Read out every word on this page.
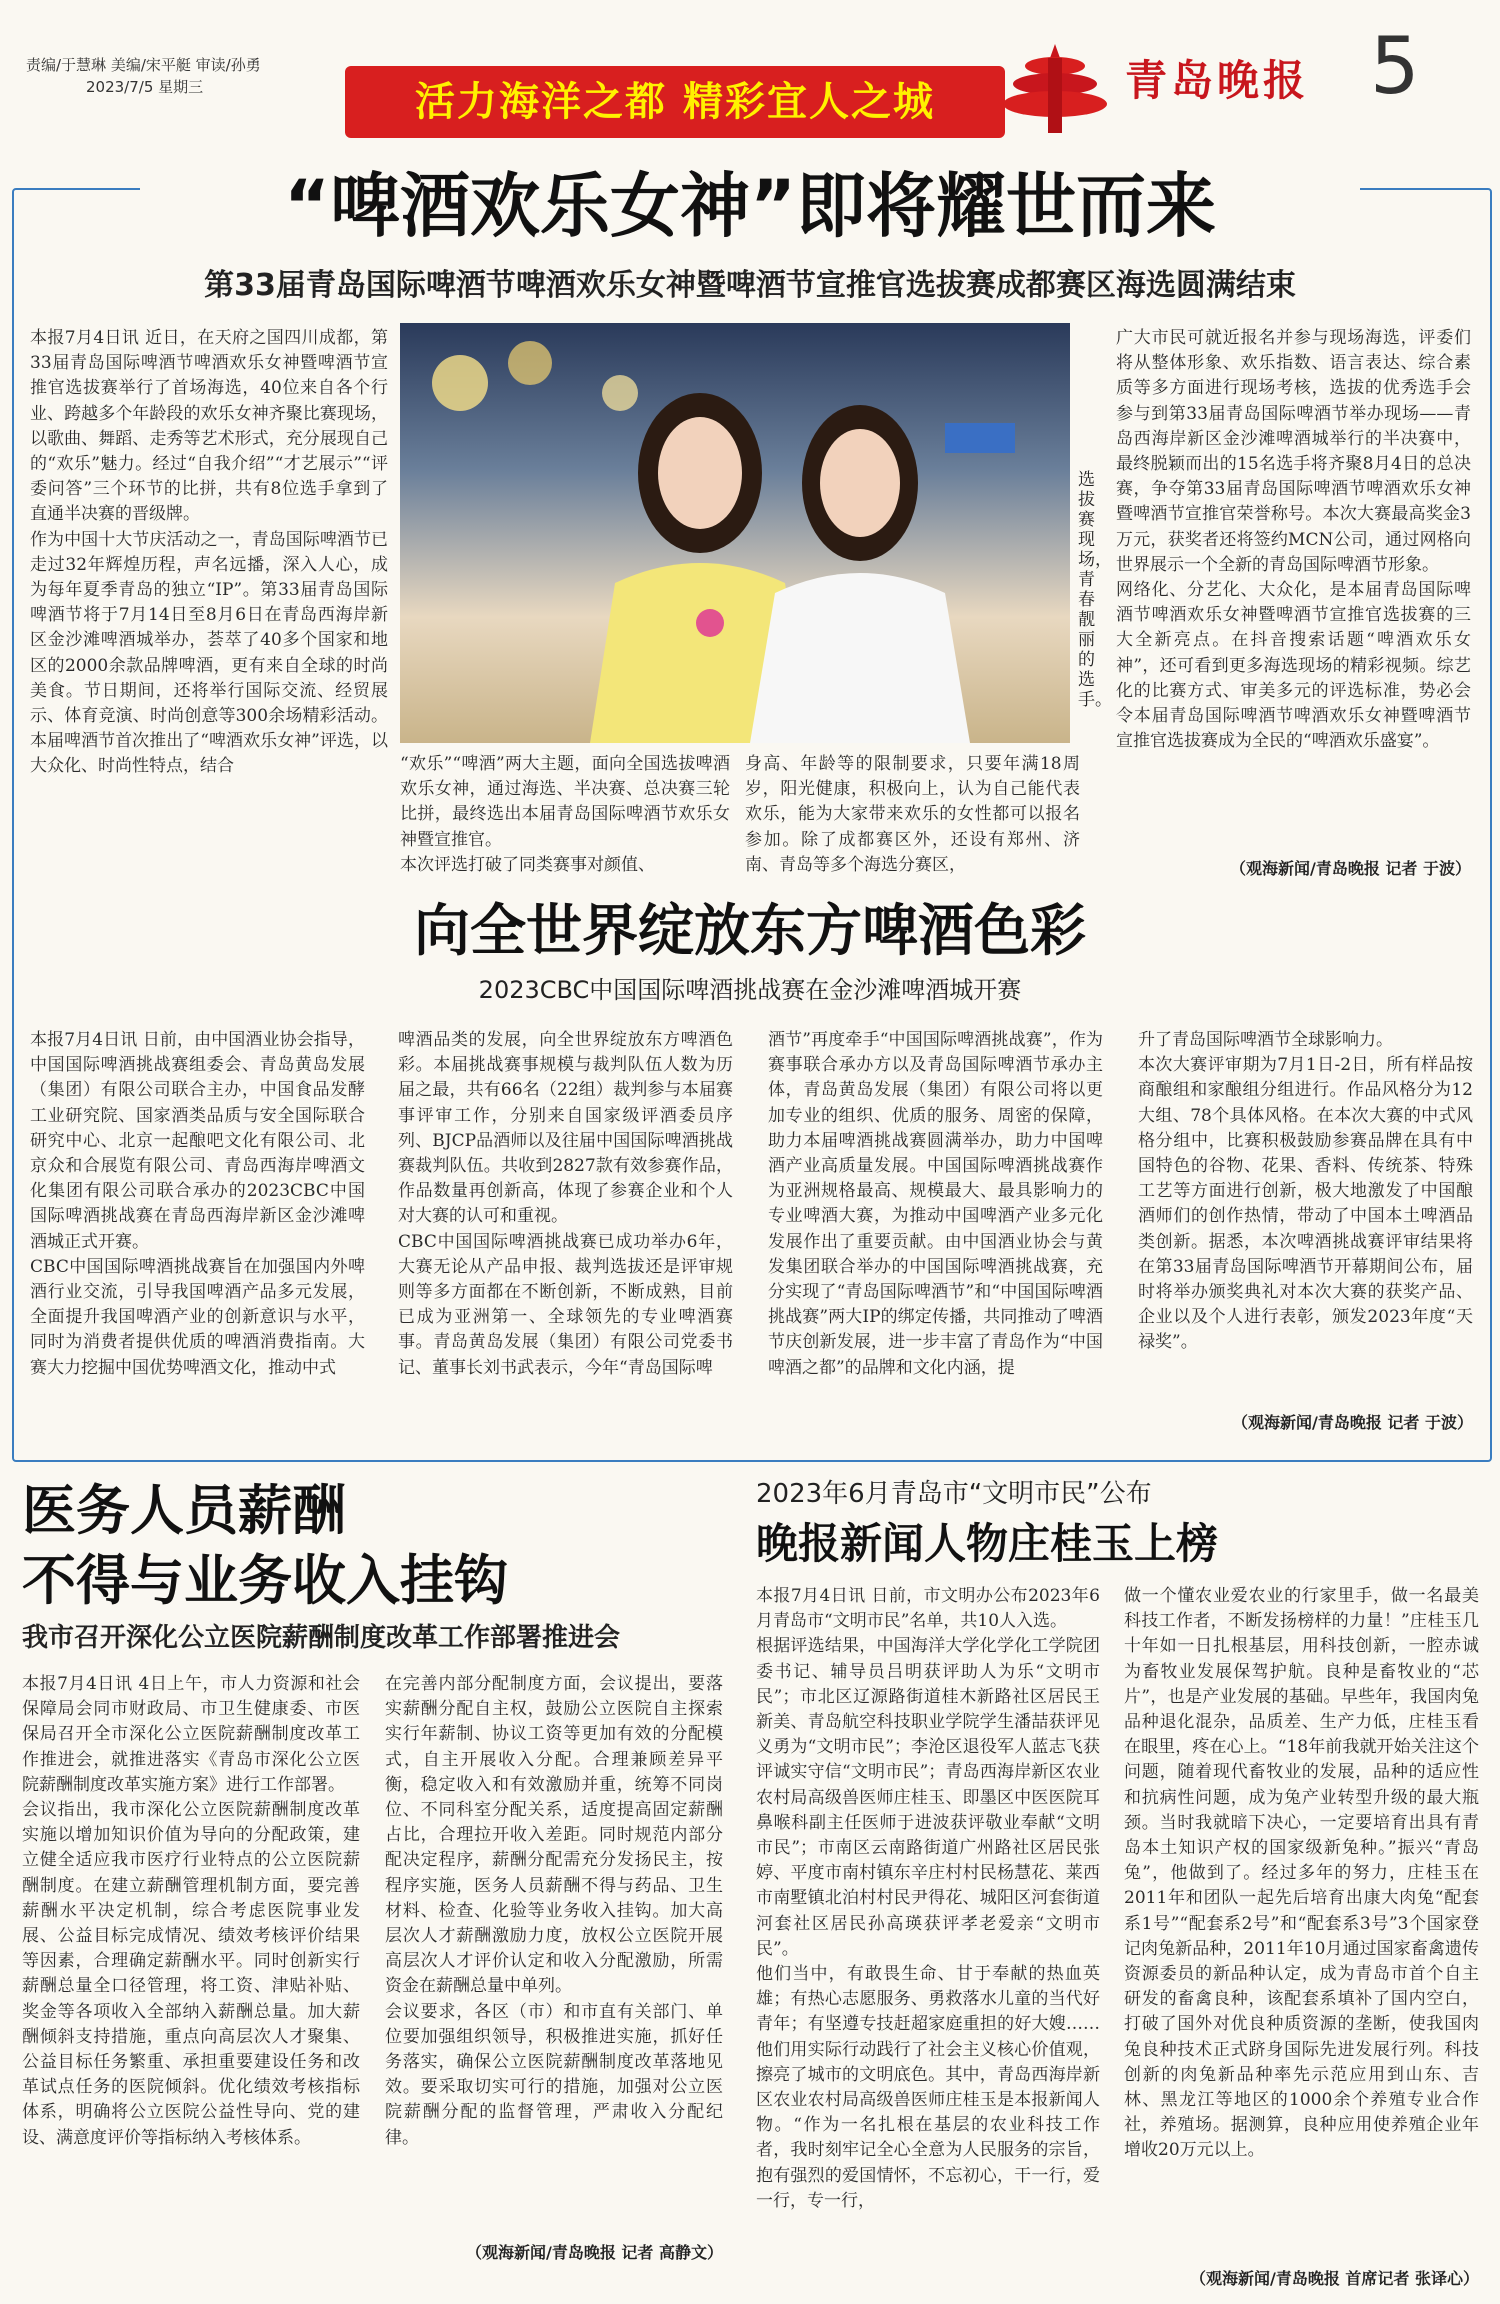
责编/于慧琳 美编/宋平艇 审读/孙勇
2023/7/5 星期三	活力海洋之都 精彩宜人之城	青岛晚报 5
“啤酒欢乐女神”即将耀世而来
第33届青岛国际啤酒节啤酒欢乐女神暨啤酒节宣推官选拔赛成都赛区海选圆满结束
本报7月4日讯 近日，在天府之国四川成都，第33届青岛国际啤酒节啤酒欢乐女神暨啤酒节宣推官选拔赛举行了首场海选，40位来自各个行业、跨越多个年龄段的欢乐女神齐聚比赛现场，以歌曲、舞蹈、走秀等艺术形式，充分展现自己的“欢乐”魅力。经过“自我介绍”“才艺展示”“评委问答”三个环节的比拼，共有8位选手拿到了直通半决赛的晋级牌。
作为中国十大节庆活动之一，青岛国际啤酒节已走过32年辉煌历程，声名远播，深入人心，成为每年夏季青岛的独立“IP”。第33届青岛国际啤酒节将于7月14日至8月6日在青岛西海岸新区金沙滩啤酒城举办，荟萃了40多个国家和地区的2000余款品牌啤酒，更有来自全球的时尚美食。节日期间，还将举行国际交流、经贸展示、体育竞演、时尚创意等300余场精彩活动。本届啤酒节首次推出了“啤酒欢乐女神”评选，以大众化、时尚性特点，结合
选拔赛现场，青春靓丽的选手。
“欢乐”“啤酒”两大主题，面向全国选拔啤酒欢乐女神，通过海选、半决赛、总决赛三轮比拼，最终选出本届青岛国际啤酒节欢乐女神暨宣推官。
本次评选打破了同类赛事对颜值、
身高、年龄等的限制要求，只要年满18周岁，阳光健康，积极向上，认为自己能代表欢乐，能为大家带来欢乐的女性都可以报名参加。除了成都赛区外，还设有郑州、济南、青岛等多个海选分赛区，
广大市民可就近报名并参与现场海选，评委们将从整体形象、欢乐指数、语言表达、综合素质等多方面进行现场考核，选拔的优秀选手会参与到第33届青岛国际啤酒节举办现场——青岛西海岸新区金沙滩啤酒城举行的半决赛中，最终脱颖而出的15名选手将齐聚8月4日的总决赛，争夺第33届青岛国际啤酒节啤酒欢乐女神暨啤酒节宣推官荣誉称号。本次大赛最高奖金3万元，获奖者还将签约MCN公司，通过网格向世界展示一个全新的青岛国际啤酒节形象。
网络化、分艺化、大众化，是本届青岛国际啤酒节啤酒欢乐女神暨啤酒节宣推官选拔赛的三大全新亮点。在抖音搜索话题“啤酒欢乐女神”，还可看到更多海选现场的精彩视频。综艺化的比赛方式、审美多元的评选标准，势必会令本届青岛国际啤酒节啤酒欢乐女神暨啤酒节宣推官选拔赛成为全民的“啤酒欢乐盛宴”。
（观海新闻/青岛晚报 记者 于波）
向全世界绽放东方啤酒色彩
2023CBC中国国际啤酒挑战赛在金沙滩啤酒城开赛
本报7月4日讯 日前，由中国酒业协会指导，中国国际啤酒挑战赛组委会、青岛黄岛发展（集团）有限公司联合主办，中国食品发酵工业研究院、国家酒类品质与安全国际联合研究中心、北京一起酿吧文化有限公司、北京众和合展览有限公司、青岛西海岸啤酒文化集团有限公司联合承办的2023CBC中国国际啤酒挑战赛在青岛西海岸新区金沙滩啤酒城正式开赛。
CBC中国国际啤酒挑战赛旨在加强国内外啤酒行业交流，引导我国啤酒产品多元发展，全面提升我国啤酒产业的创新意识与水平，同时为消费者提供优质的啤酒消费指南。大赛大力挖掘中国优势啤酒文化，推动中式
啤酒品类的发展，向全世界绽放东方啤酒色彩。本届挑战赛事规模与裁判队伍人数为历届之最，共有66名（22组）裁判参与本届赛事评审工作，分别来自国家级评酒委员序列、BJCP品酒师以及往届中国国际啤酒挑战赛裁判队伍。共收到2827款有效参赛作品，作品数量再创新高，体现了参赛企业和个人对大赛的认可和重视。
CBC中国国际啤酒挑战赛已成功举办6年，大赛无论从产品申报、裁判选拔还是评审规则等多方面都在不断创新，不断成熟，目前已成为亚洲第一、全球领先的专业啤酒赛事。青岛黄岛发展（集团）有限公司党委书记、董事长刘书武表示，今年“青岛国际啤
酒节”再度牵手“中国国际啤酒挑战赛”，作为赛事联合承办方以及青岛国际啤酒节承办主体，青岛黄岛发展（集团）有限公司将以更加专业的组织、优质的服务、周密的保障，助力本届啤酒挑战赛圆满举办，助力中国啤酒产业高质量发展。中国国际啤酒挑战赛作为亚洲规格最高、规模最大、最具影响力的专业啤酒大赛，为推动中国啤酒产业多元化发展作出了重要贡献。由中国酒业协会与黄发集团联合举办的中国国际啤酒挑战赛，充分实现了“青岛国际啤酒节”和“中国国际啤酒挑战赛”两大IP的绑定传播，共同推动了啤酒节庆创新发展，进一步丰富了青岛作为“中国啤酒之都”的品牌和文化内涵，提
升了青岛国际啤酒节全球影响力。
本次大赛评审期为7月1日-2日，所有样品按商酿组和家酿组分组进行。作品风格分为12大组、78个具体风格。在本次大赛的中式风格分组中，比赛积极鼓励参赛品牌在具有中国特色的谷物、花果、香料、传统茶、特殊工艺等方面进行创新，极大地激发了中国酿酒师们的创作热情，带动了中国本土啤酒品类创新。据悉，本次啤酒挑战赛评审结果将在第33届青岛国际啤酒节开幕期间公布，届时将举办颁奖典礼对本次大赛的获奖产品、企业以及个人进行表彰，颁发2023年度“天禄奖”。
（观海新闻/青岛晚报 记者 于波）
医务人员薪酬
不得与业务收入挂钩
我市召开深化公立医院薪酬制度改革工作部署推进会
本报7月4日讯 4日上午，市人力资源和社会保障局会同市财政局、市卫生健康委、市医保局召开全市深化公立医院薪酬制度改革工作推进会，就推进落实《青岛市深化公立医院薪酬制度改革实施方案》进行工作部署。
会议指出，我市深化公立医院薪酬制度改革实施以增加知识价值为导向的分配政策，建立健全适应我市医疗行业特点的公立医院薪酬制度。在建立薪酬管理机制方面，要完善薪酬水平决定机制，综合考虑医院事业发展、公益目标完成情况、绩效考核评价结果等因素，合理确定薪酬水平。同时创新实行薪酬总量全口径管理，将工资、津贴补贴、奖金等各项收入全部纳入薪酬总量。加大薪酬倾斜支持措施，重点向高层次人才聚集、公益目标任务繁重、承担重要建设任务和改革试点任务的医院倾斜。优化绩效考核指标体系，明确将公立医院公益性导向、党的建设、满意度评价等指标纳入考核体系。
在完善内部分配制度方面，会议提出，要落实薪酬分配自主权，鼓励公立医院自主探索实行年薪制、协议工资等更加有效的分配模式，自主开展收入分配。合理兼顾差异平衡，稳定收入和有效激励并重，统筹不同岗位、不同科室分配关系，适度提高固定薪酬占比，合理拉开收入差距。同时规范内部分配决定程序，薪酬分配需充分发扬民主，按程序实施，医务人员薪酬不得与药品、卫生材料、检查、化验等业务收入挂钩。加大高层次人才薪酬激励力度，放权公立医院开展高层次人才评价认定和收入分配激励，所需资金在薪酬总量中单列。
会议要求，各区（市）和市直有关部门、单位要加强组织领导，积极推进实施，抓好任务落实，确保公立医院薪酬制度改革落地见效。要采取切实可行的措施，加强对公立医院薪酬分配的监督管理，严肃收入分配纪律。
（观海新闻/青岛晚报 记者 高静文）
2023年6月青岛市“文明市民”公布
晚报新闻人物庄桂玉上榜
本报7月4日讯 日前，市文明办公布2023年6月青岛市“文明市民”名单，共10人入选。
根据评选结果，中国海洋大学化学化工学院团委书记、辅导员吕明获评助人为乐“文明市民”；市北区辽源路街道桂木新路社区居民王新美、青岛航空科技职业学院学生潘喆获评见义勇为“文明市民”；李沧区退役军人蓝志飞获评诚实守信“文明市民”；青岛西海岸新区农业农村局高级兽医师庄桂玉、即墨区中医医院耳鼻喉科副主任医师于进波获评敬业奉献“文明市民”；市南区云南路街道广州路社区居民张婷、平度市南村镇东辛庄村村民杨慧花、莱西市南墅镇北泊村村民尹得花、城阳区河套街道河套社区居民孙高瑛获评孝老爱亲“文明市民”。
他们当中，有敢畏生命、甘于奉献的热血英雄；有热心志愿服务、勇救落水儿童的当代好青年；有坚遵专技赶超家庭重担的好大嫂……他们用实际行动践行了社会主义核心价值观，擦亮了城市的文明底色。其中，青岛西海岸新区农业农村局高级兽医师庄桂玉是本报新闻人物。“作为一名扎根在基层的农业科技工作者，我时刻牢记全心全意为人民服务的宗旨，抱有强烈的爱国情怀，不忘初心，干一行，爱一行，专一行，
做一个懂农业爱农业的行家里手，做一名最美科技工作者，不断发扬榜样的力量！”庄桂玉几十年如一日扎根基层，用科技创新，一腔赤诚为畜牧业发展保驾护航。良种是畜牧业的“芯片”，也是产业发展的基础。早些年，我国肉兔品种退化混杂，品质差、生产力低，庄桂玉看在眼里，疼在心上。“18年前我就开始关注这个问题，随着现代畜牧业的发展，品种的适应性和抗病性问题，成为兔产业转型升级的最大瓶颈。当时我就暗下决心，一定要培育出具有青岛本土知识产权的国家级新兔种。”振兴“青岛兔”，他做到了。经过多年的努力，庄桂玉在2011年和团队一起先后培育出康大肉兔“配套系1号”“配套系2号”和“配套系3号”3个国家登记肉兔新品种，2011年10月通过国家畜禽遗传资源委员的新品种认定，成为青岛市首个自主研发的畜禽良种，该配套系填补了国内空白，打破了国外对优良种质资源的垄断，使我国肉兔良种技术正式跻身国际先进发展行列。科技创新的肉兔新品种率先示范应用到山东、吉林、黑龙江等地区的1000余个养殖专业合作社，养殖场。据测算，良种应用使养殖企业年增收20万元以上。
（观海新闻/青岛晚报 首席记者 张译心）
